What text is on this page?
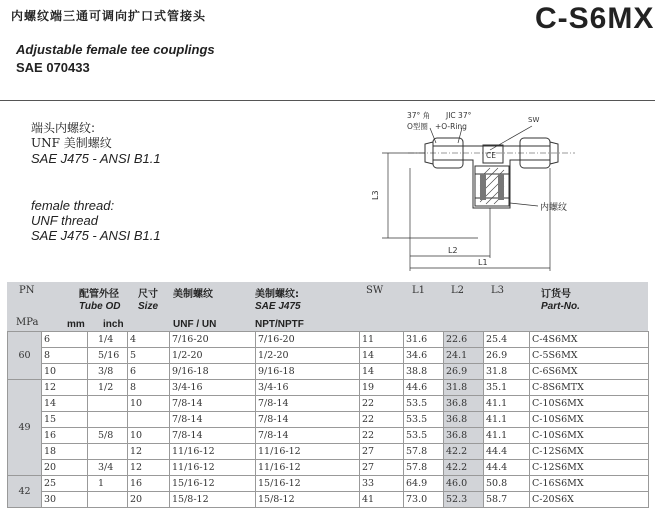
内螺纹端三通可调向扩口式管接头	C-S6MX
Adjustable female tee couplings
SAE 070433
端头内螺纹:
UNF 美制螺纹
SAE J475 - ANSI B1.1
female thread:
UNF thread
SAE J475 - ANSI B1.1
L3
L2
L1
37° 角 JIC 37°
O型圈 +O-Ring
SW
CE
内螺纹
PN
MPa
配管外径
Tube OD
mm inch
尺寸
Size
美制螺纹
UNF / UN
美制螺纹:
SAE J475
NPT/NPTF
SW	L1	L2	L3	订货号
Part-No.
60	6	1/4	4	7/16-20	7/16-20	11	31.6	22.6	25.4	C-4S6MX
	8	5/16	5	1/2-20	1/2-20	14	34.6	24.1	26.9	C-5S6MX
	10	3/8	6	9/16-18	9/16-18	14	38.8	26.9	31.8	C-6S6MX
49	12	1/2	8	3/4-16	3/4-16	19	44.6	31.8	35.1	C-8S6MTX
	14		10	7/8-14	7/8-14	22	53.5	36.8	41.1	C-10S6MX
	15			7/8-14	7/8-14	22	53.5	36.8	41.1	C-10S6MX
	16	5/8	10	7/8-14	7/8-14	22	53.5	36.8	41.1	C-10S6MX
	18		12	11/16-12	11/16-12	27	57.8	42.2	44.4	C-12S6MX
	20	3/4	12	11/16-12	11/16-12	27	57.8	42.2	44.4	C-12S6MX
42	25	1	16	15/16-12	15/16-12	33	64.9	46.0	50.8	C-16S6MX
	30		20	15/8-12	15/8-12	41	73.0	52.3	58.7	C-20S6X
